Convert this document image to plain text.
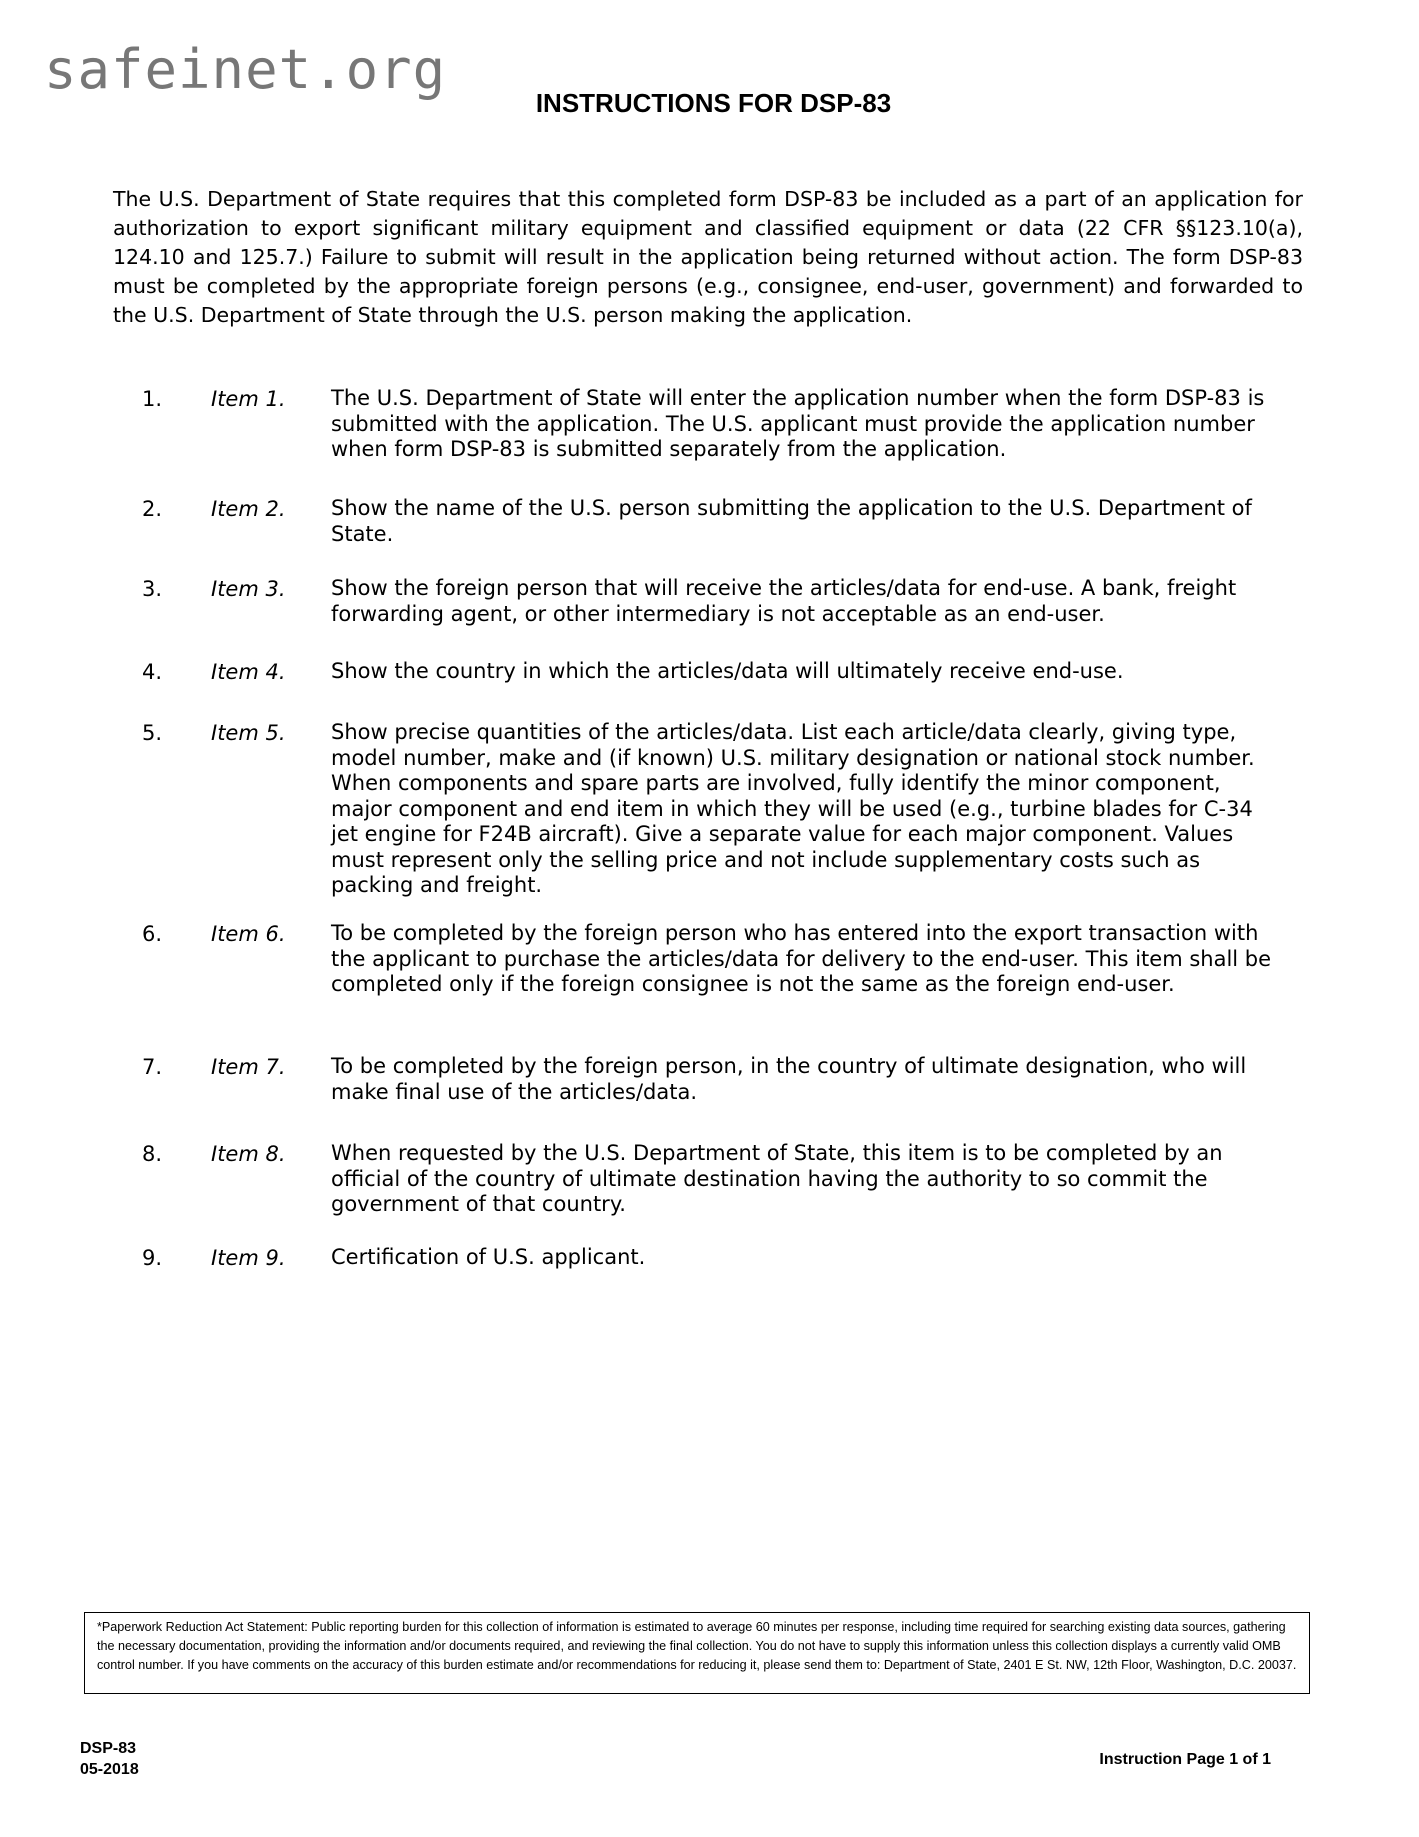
safeinet.org
INSTRUCTIONS FOR DSP-83
The U.S. Department of State requires that this completed form DSP-83 be included as a part of an application for authorization to export significant military equipment and classified equipment or data (22 CFR §§123.10(a), 124.10 and 125.7.) Failure to submit will result in the application being returned without action. The form DSP-83 must be completed by the appropriate foreign persons (e.g., consignee, end-user, government) and forwarded to the U.S. Department of State through the U.S. person making the application.
1. Item 1. The U.S. Department of State will enter the application number when the form DSP-83 is submitted with the application. The U.S. applicant must provide the application number when form DSP-83 is submitted separately from the application.
2. Item 2. Show the name of the U.S. person submitting the application to the U.S. Department of State.
3. Item 3. Show the foreign person that will receive the articles/data for end-use. A bank, freight forwarding agent, or other intermediary is not acceptable as an end-user.
4. Item 4. Show the country in which the articles/data will ultimately receive end-use.
5. Item 5. Show precise quantities of the articles/data. List each article/data clearly, giving type, model number, make and (if known) U.S. military designation or national stock number. When components and spare parts are involved, fully identify the minor component, major component and end item in which they will be used (e.g., turbine blades for C-34 jet engine for F24B aircraft). Give a separate value for each major component. Values must represent only the selling price and not include supplementary costs such as packing and freight.
6. Item 6. To be completed by the foreign person who has entered into the export transaction with the applicant to purchase the articles/data for delivery to the end-user. This item shall be completed only if the foreign consignee is not the same as the foreign end-user.
7. Item 7. To be completed by the foreign person, in the country of ultimate designation, who will make final use of the articles/data.
8. Item 8. When requested by the U.S. Department of State, this item is to be completed by an official of the country of ultimate destination having the authority to so commit the government of that country.
9. Item 9. Certification of U.S. applicant.
*Paperwork Reduction Act Statement: Public reporting burden for this collection of information is estimated to average 60 minutes per response, including time required for searching existing data sources, gathering the necessary documentation, providing the information and/or documents required, and reviewing the final collection. You do not have to supply this information unless this collection displays a currently valid OMB control number. If you have comments on the accuracy of this burden estimate and/or recommendations for reducing it, please send them to: Department of State, 2401 E St. NW, 12th Floor, Washington, D.C. 20037.
DSP-83
05-2018
Instruction Page 1 of 1
